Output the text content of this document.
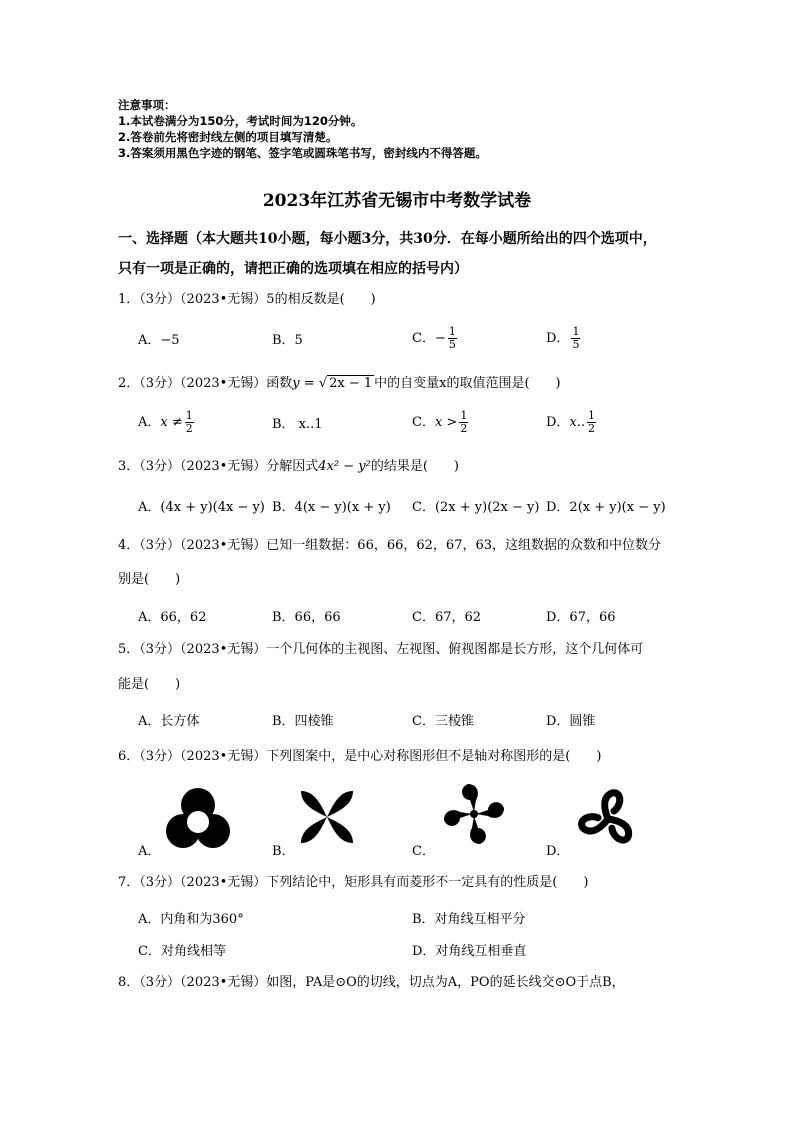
注意事项：
1.本试卷满分为150分，考试时间为120分钟。
2.答卷前先将密封线左侧的项目填写清楚。
3.答案须用黑色字迹的钢笔、签字笔或圆珠笔书写，密封线内不得答题。
2023年江苏省无锡市中考数学试卷
一、选择题（本大题共10小题，每小题3分，共30分．在每小题所给出的四个选项中，
只有一项是正确的，请把正确的选项填在相应的括号内）
1．（3分）（2023•无锡）5的相反数是(　　)
A．−5	B．5	C．− $\frac{1}{5}$	D． $\frac{1}{5}$
2．（3分）（2023•无锡）函数y = √ 2x − 1 中的自变量x的取值范围是(　　)
A．$x \ne \frac{1}{2}$	B． x..1	C．$x > \frac{1}{2}$	D．x.. $\frac{1}{2}$
3．（3分）（2023•无锡）分解因式4x² − y²的结果是(　　)
A．(4x + y)(4x − y) B．4(x − y)(x + y) C．(2x + y)(2x − y) D．2(x + y)(x − y)
4．（3分）（2023•无锡）已知一组数据：66，66，62，67，63，这组数据的众数和中位数分
别是(　　)
A．66，62	B．66，66	C．67，62	D．67，66
5．（3分）（2023•无锡）一个几何体的主视图、左视图、俯视图都是长方形，这个几何体可
能是(　　)
A．长方体	B．四棱锥	C．三棱锥	D．圆锥
6．（3分）（2023•无锡）下列图案中，是中心对称图形但不是轴对称图形的是(　　)
A．	B．	C．	D．
7．（3分）（2023•无锡）下列结论中，矩形具有而菱形不一定具有的性质是(　　)
A．内角和为360°	B．对角线互相平分
C．对角线相等	D．对角线互相垂直
8．（3分）（2023•无锡）如图，PA是⊙O的切线，切点为A，PO的延长线交⊙O于点B，
